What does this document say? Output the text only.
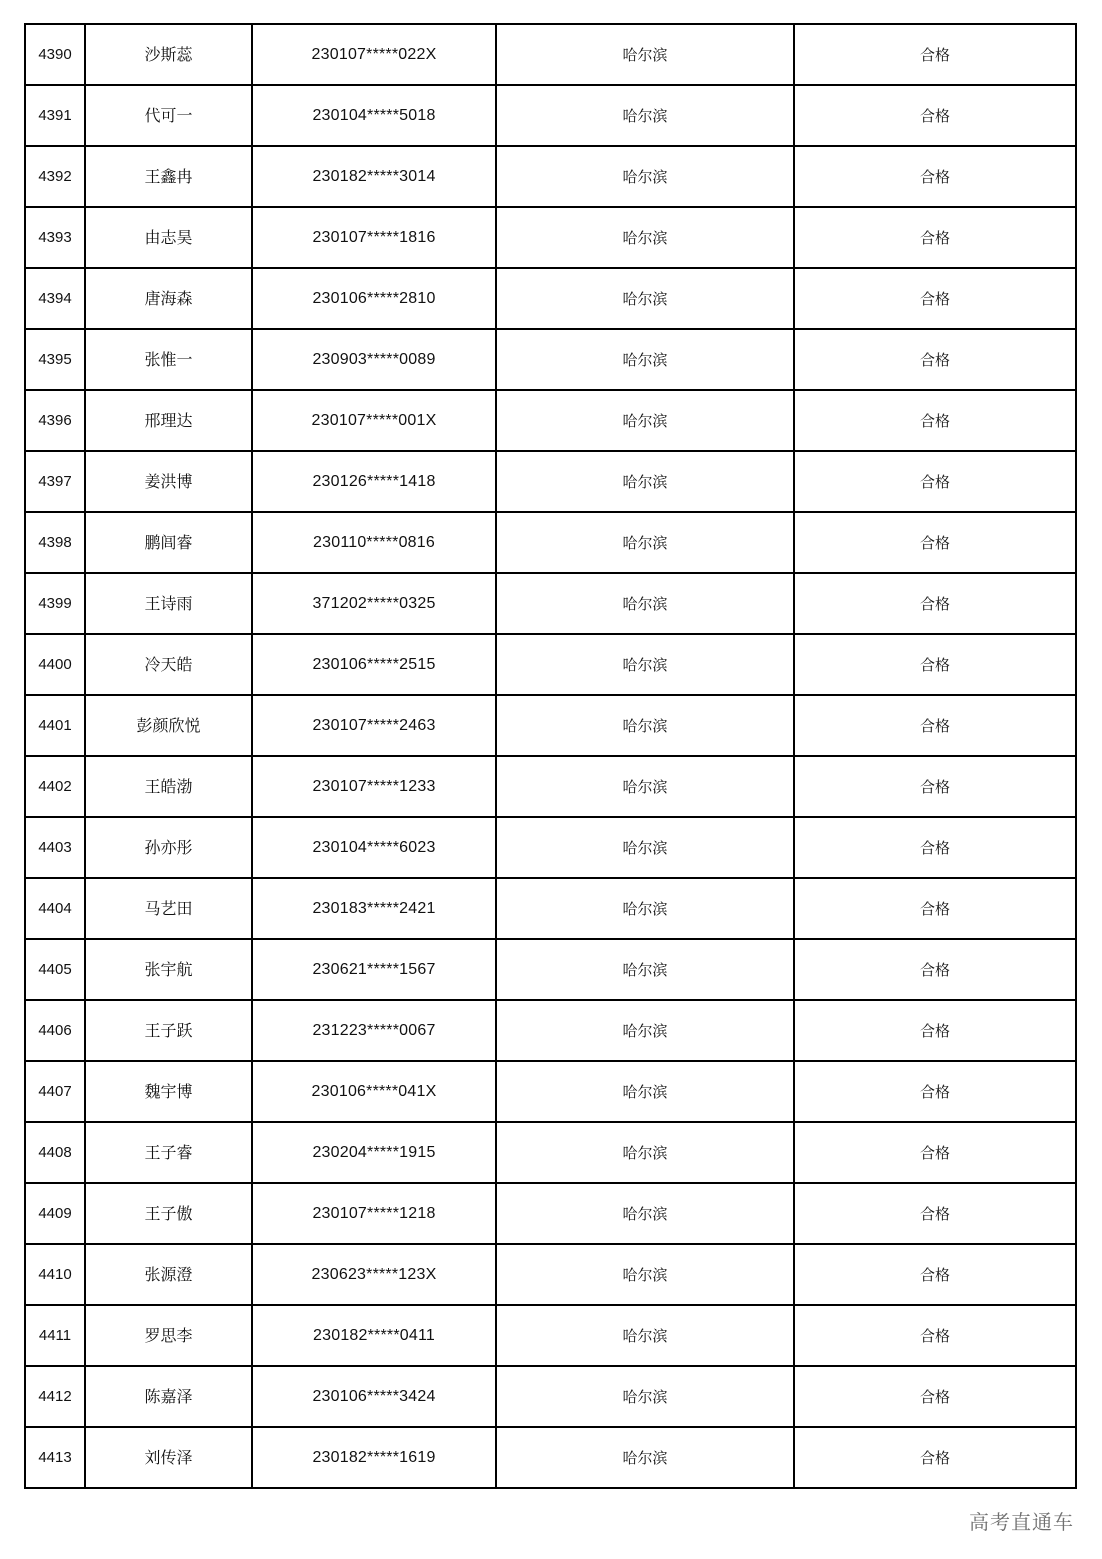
4390	沙斯蕊	230107*****022X	哈尔滨	合格
4391	代可一	230104*****5018	哈尔滨	合格
4392	王鑫冉	230182*****3014	哈尔滨	合格
4393	由志昊	230107*****1816	哈尔滨	合格
4394	唐海森	230106*****2810	哈尔滨	合格
4395	张惟一	230903*****0089	哈尔滨	合格
4396	邢理达	230107*****001X	哈尔滨	合格
4397	姜洪博	230126*****1418	哈尔滨	合格
4398	鹏闾睿	230110*****0816	哈尔滨	合格
4399	王诗雨	371202*****0325	哈尔滨	合格
4400	冷天皓	230106*****2515	哈尔滨	合格
4401	彭颜欣悦	230107*****2463	哈尔滨	合格
4402	王皓渤	230107*****1233	哈尔滨	合格
4403	孙亦彤	230104*****6023	哈尔滨	合格
4404	马艺田	230183*****2421	哈尔滨	合格
4405	张宇航	230621*****1567	哈尔滨	合格
4406	王子跃	231223*****0067	哈尔滨	合格
4407	魏宇博	230106*****041X	哈尔滨	合格
4408	王子睿	230204*****1915	哈尔滨	合格
4409	王子傲	230107*****1218	哈尔滨	合格
4410	张源澄	230623*****123X	哈尔滨	合格
4411	罗思李	230182*****0411	哈尔滨	合格
4412	陈嘉泽	230106*****3424	哈尔滨	合格
4413	刘传泽	230182*****1619	哈尔滨	合格
高考直通车
